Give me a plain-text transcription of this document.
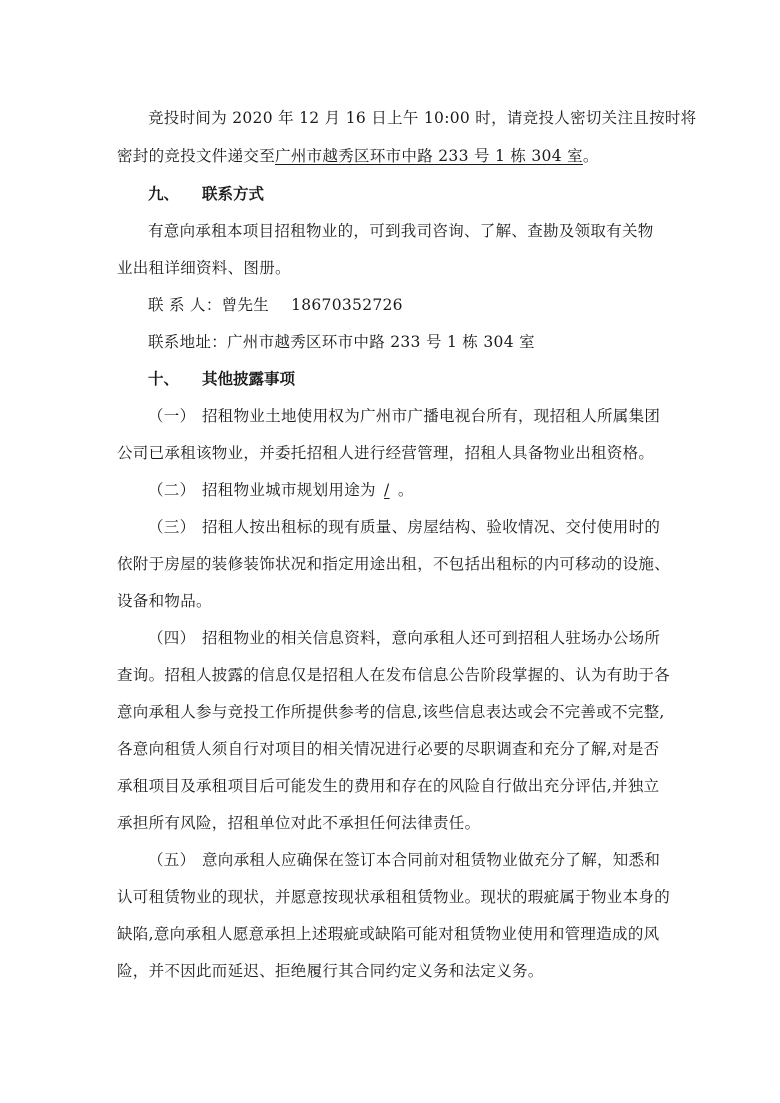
竞投时间为 2020 年 12 月 16 日上午 10:00 时，请竞投人密切关注且按时将
密封的竞投文件递交至广州市越秀区环市中路 233 号 1 栋 304 室。
九、 联系方式
有意向承租本项目招租物业的，可到我司咨询、了解、查勘及领取有关物
业出租详细资料、图册。
联 系 人：曾先生 18670352726
联系地址：广州市越秀区环市中路 233 号 1 栋 304 室
十、 其他披露事项
（一） 招租物业土地使用权为广州市广播电视台所有，现招租人所属集团
公司已承租该物业，并委托招租人进行经营管理，招租人具备物业出租资格。
（二） 招租物业城市规划用途为 / 。
（三） 招租人按出租标的现有质量、房屋结构、验收情况、交付使用时的
依附于房屋的装修装饰状况和指定用途出租，不包括出租标的内可移动的设施、
设备和物品。
（四） 招租物业的相关信息资料，意向承租人还可到招租人驻场办公场所
查询。招租人披露的信息仅是招租人在发布信息公告阶段掌握的、认为有助于各
意向承租人参与竞投工作所提供参考的信息,该些信息表达或会不完善或不完整,
各意向租赁人须自行对项目的相关情况进行必要的尽职调查和充分了解,对是否
承租项目及承租项目后可能发生的费用和存在的风险自行做出充分评估,并独立
承担所有风险，招租单位对此不承担任何法律责任。
（五） 意向承租人应确保在签订本合同前对租赁物业做充分了解，知悉和
认可租赁物业的现状，并愿意按现状承租租赁物业。现状的瑕疵属于物业本身的
缺陷,意向承租人愿意承担上述瑕疵或缺陷可能对租赁物业使用和管理造成的风
险，并不因此而延迟、拒绝履行其合同约定义务和法定义务。
